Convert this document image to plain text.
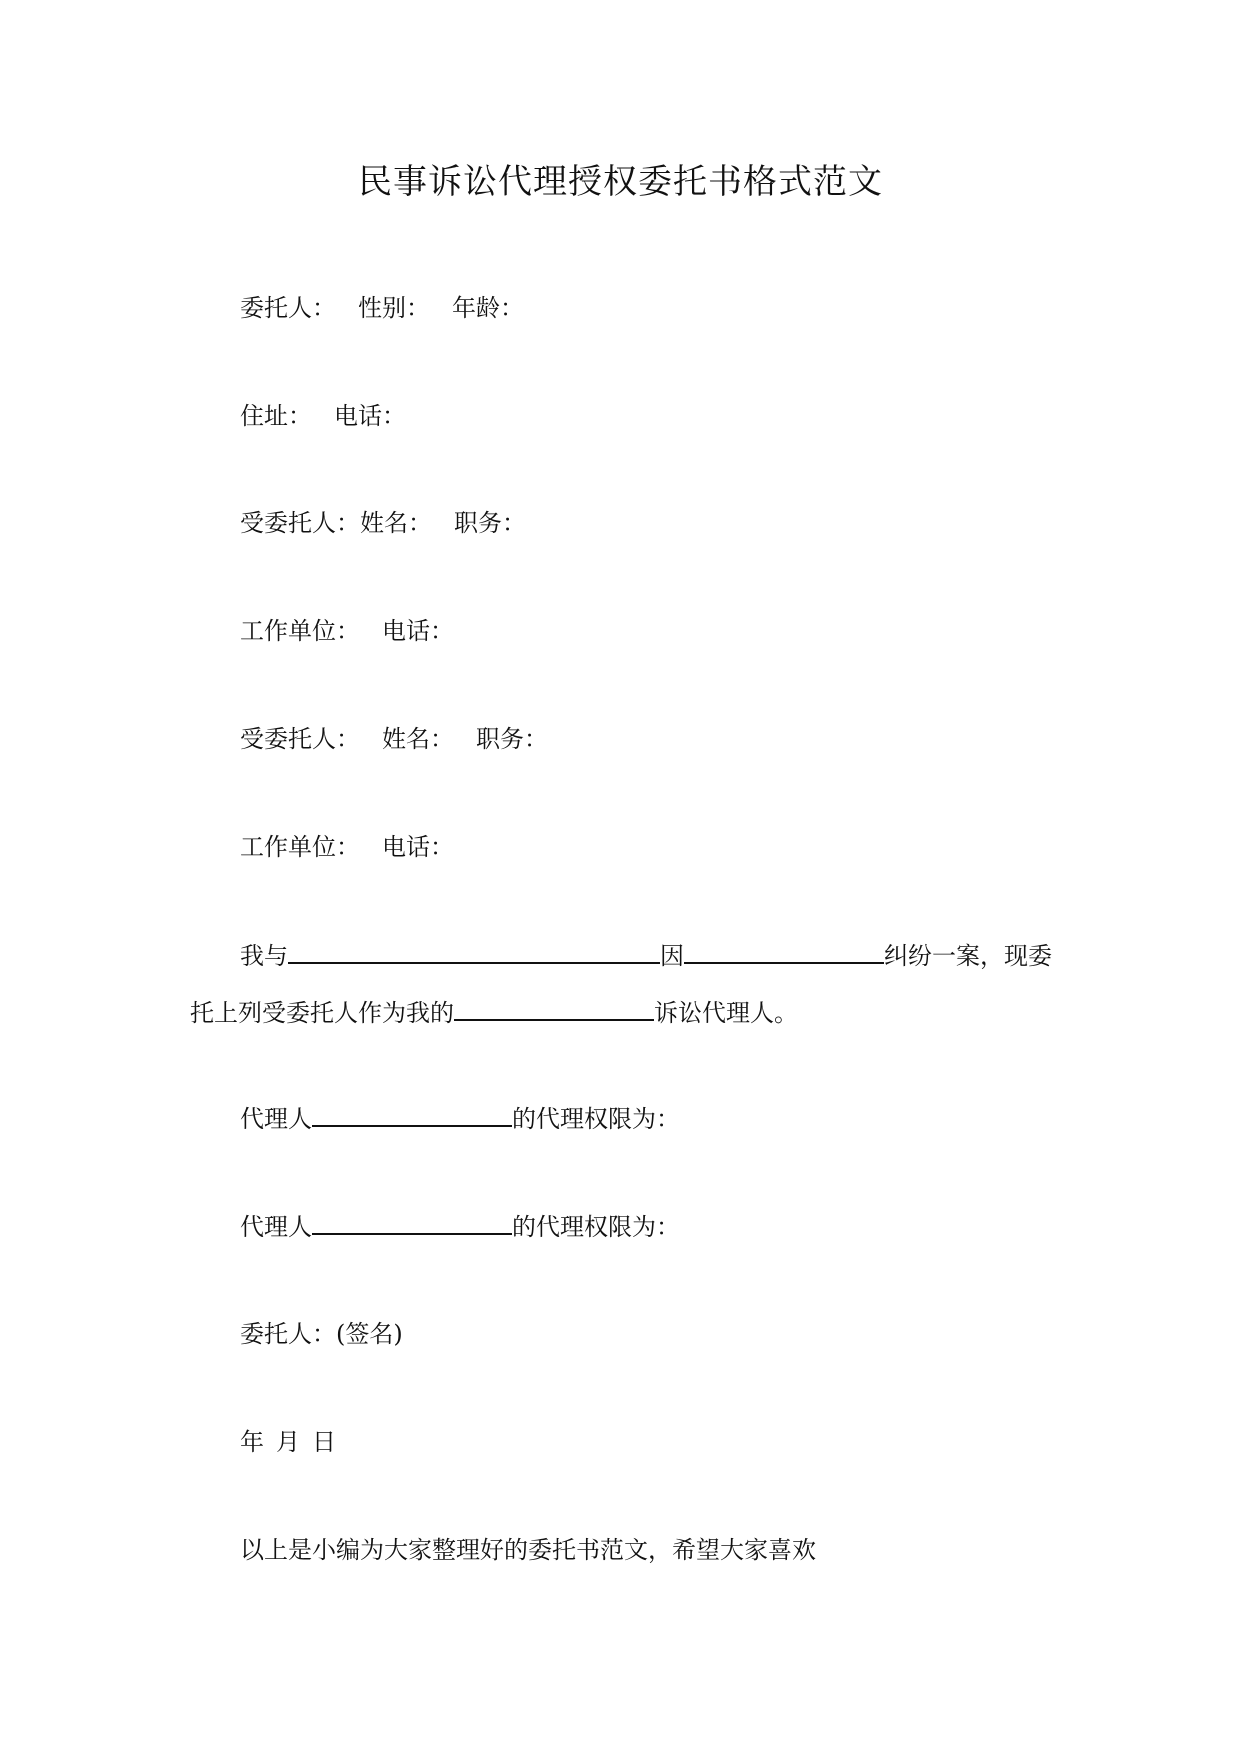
民事诉讼代理授权委托书格式范文
委托人： 性别： 年龄：
住址： 电话：
受委托人：姓名： 职务：
工作单位： 电话：
受委托人： 姓名： 职务：
工作单位： 电话：
我与	因	纠纷一案，现委
托上列受委托人作为我的	诉讼代理人。
代理人	的代理权限为：
代理人	的代理权限为：
委托人：(签名)
年 月 日
以上是小编为大家整理好的委托书范文，希望大家喜欢
